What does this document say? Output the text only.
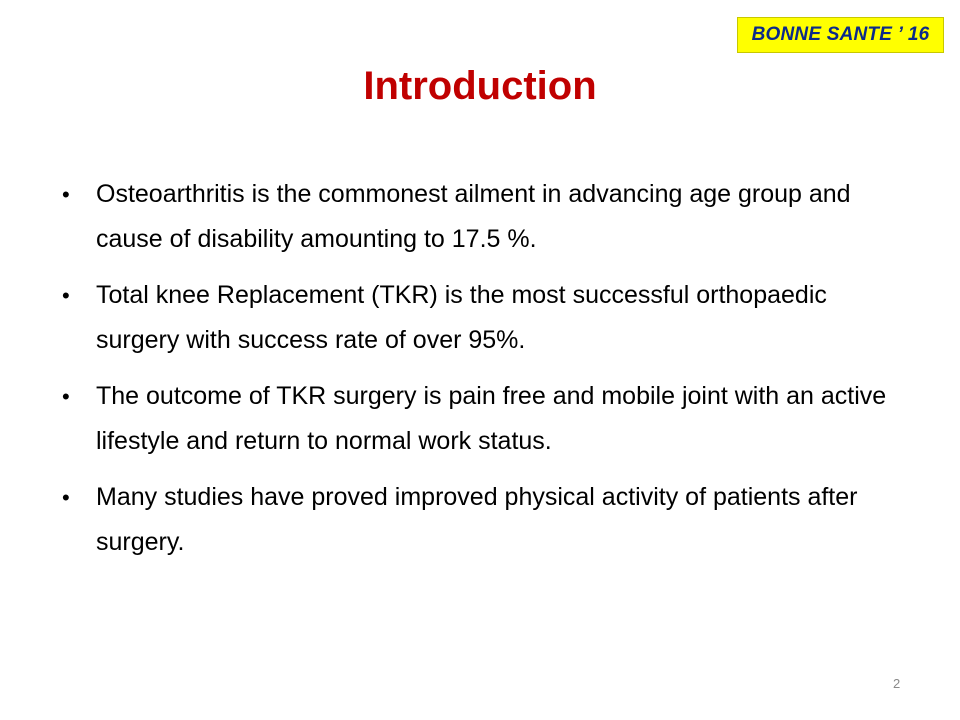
BONNE SANTE ’ 16
Introduction
• Osteoarthritis is the commonest ailment in advancing age group and cause of disability amounting to 17.5 %.
• Total knee Replacement (TKR) is the most successful orthopaedic surgery with success rate of over 95%.
• The outcome of TKR surgery is pain free and mobile joint with an active lifestyle and return to normal work status.
• Many studies have proved improved physical activity of patients after surgery.
2
